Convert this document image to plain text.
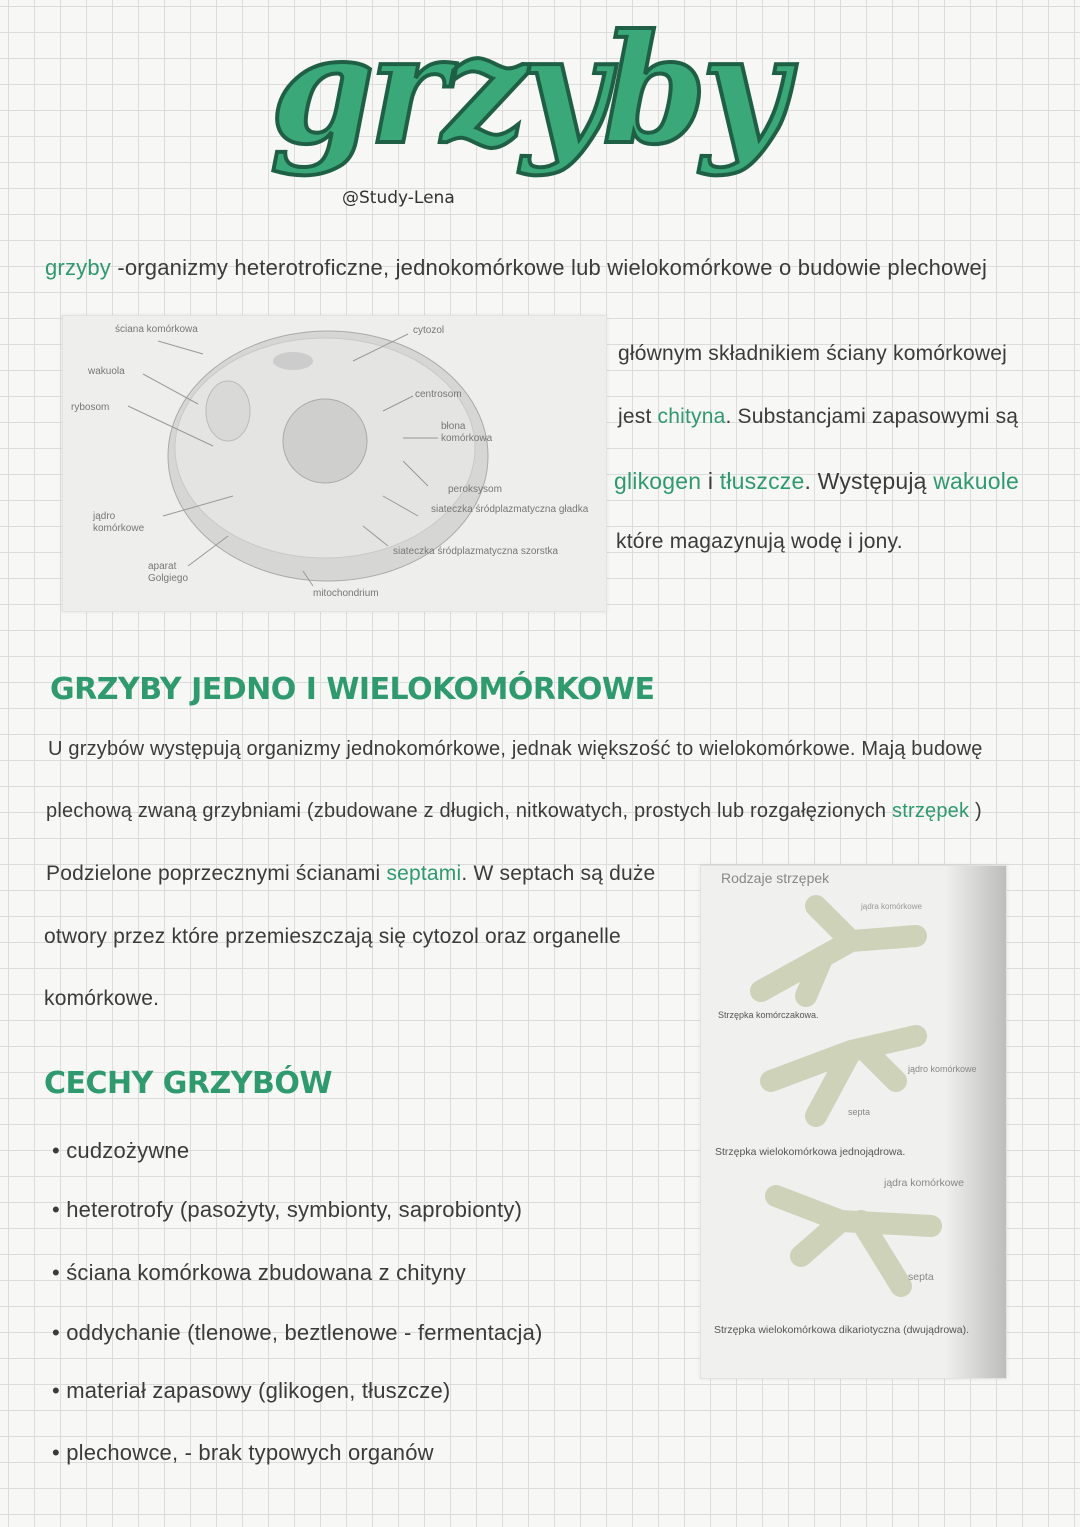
grzyby
@Study-Lena
grzyby -organizmy heterotroficzne, jednokomórkowe lub wielokomórkowe o budowie plechowej
ściana komórkowa
wakuola
rybosom
jądro komórkowe
aparat Golgiego
mitochondrium
cytozol
centrosom
błona komórkowa
peroksysom
siateczka śródplazmatyczna gładka
siateczka śródplazmatyczna szorstka
głównym składnikiem ściany komórkowej
jest chityna. Substancjami zapasowymi są
glikogen i tłuszcze. Występują wakuole
które magazynują wodę i jony.
GRZYBY JEDNO I WIELOKOMÓRKOWE
U grzybów występują organizmy jednokomórkowe, jednak większość to wielokomórkowe. Mają budowę
plechową zwaną grzybniami (zbudowane z długich, nitkowatych, prostych lub rozgałęzionych strzępek )
Podzielone poprzecznymi ścianami septami. W septach są duże
otwory przez które przemieszczają się cytozol oraz organelle
komórkowe.
Rodzaje strzępek
jądra komórkowe
Strzępka komórczakowa.
jądro komórkowe
septa
Strzępka wielokomórkowa jednojądrowa.
jądra komórkowe
septa
Strzępka wielokomórkowa dikariotyczna (dwujądrowa).
CECHY GRZYBÓW
• cudzożywne
• heterotrofy (pasożyty, symbionty, saprobionty)
• ściana komórkowa zbudowana z chityny
• oddychanie (tlenowe, beztlenowe - fermentacja)
• materiał zapasowy (glikogen, tłuszcze)
• plechowce, - brak typowych organów
